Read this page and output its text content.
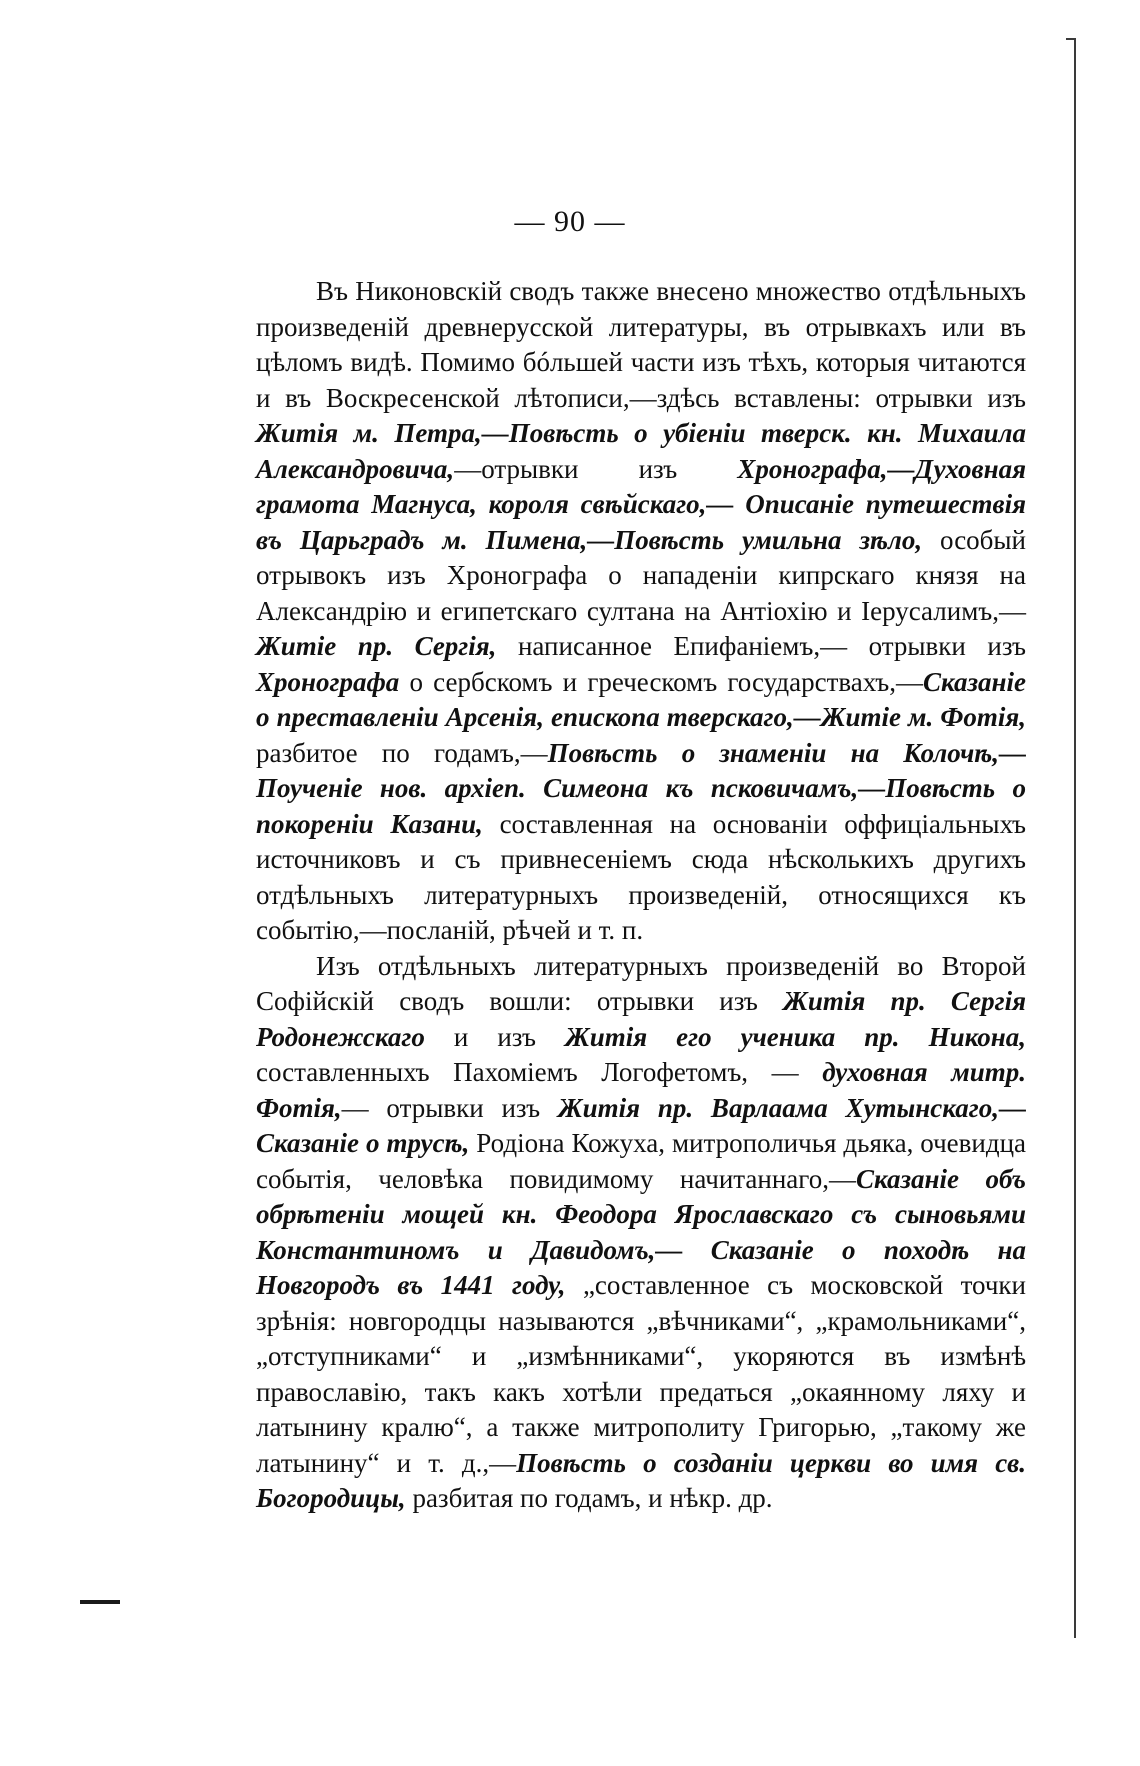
— 90 —

Въ Никоновскій сводъ также внесено множество отдѣльныхъ произведеній древнерусской литературы, въ отрывкахъ или въ цѣломъ видѣ. Помимо бóльшей части изъ тѣхъ, которыя читаются и въ Воскресенской лѣтописи,—здѣсь вставлены: отрывки изъ Житія м. Петра,—Повѣсть о убіеніи тверск. кн. Михаила Александровича,—отрывки изъ Хронографа,—Духовная грамота Магнуса, короля свѣйскаго,— Описаніе путешествія въ Царьградъ м. Пимена,—Повѣсть умильна зѣло, особый отрывокъ изъ Хронографа о нападеніи кипрскаго князя на Александрію и египетскаго султана на Антіохію и Іерусалимъ,—Житіе пр. Сергія, написанное Епифаніемъ,— отрывки изъ Хронографа о сербскомъ и греческомъ государствахъ,—Сказаніе о преставленіи Арсенія, епископа тверскаго,—Житіе м. Фотія, разбитое по годамъ,—Повѣсть о знаменіи на Колочѣ,—Поученіе нов. архіеп. Симеона къ псковичамъ,—Повѣсть о покореніи Казани, составленная на основаніи оффиціальныхъ источниковъ и съ привнесеніемъ сюда нѣсколькихъ другихъ отдѣльныхъ литературныхъ произведеній, относящихся къ событію,—посланій, рѣчей и т. п.

Изъ отдѣльныхъ литературныхъ произведеній во Второй Софійскій сводъ вошли: отрывки изъ Житія пр. Сергія Родонежскаго и изъ Житія его ученика пр. Никона, составленныхъ Пахоміемъ Логофетомъ, — духовная митр. Фотія,— отрывки изъ Житія пр. Варлаама Хутынскаго,—Сказаніе о трусѣ, Родіона Кожуха, митрополичья дьяка, очевидца событія, человѣка повидимому начитаннаго,—Сказаніе объ обрѣтеніи мощей кн. Феодора Ярославскаго съ сыновьями Константиномъ и Давидомъ,— Сказаніе о походѣ на Новгородъ въ 1441 году, „составленное съ московской точки зрѣнія: новгородцы называются „вѣчниками“, „крамольниками“, „отступниками“ и „измѣнниками“, укоряются въ измѣнѣ православію, такъ какъ хотѣли предаться „окаянному ляху и латынину кралю“, а также митрополиту Григорью, „такому же латынину“ и т. д.,—Повѣсть о созданіи церкви во имя св. Богородицы, разбитая по годамъ, и нѣкр. др.
